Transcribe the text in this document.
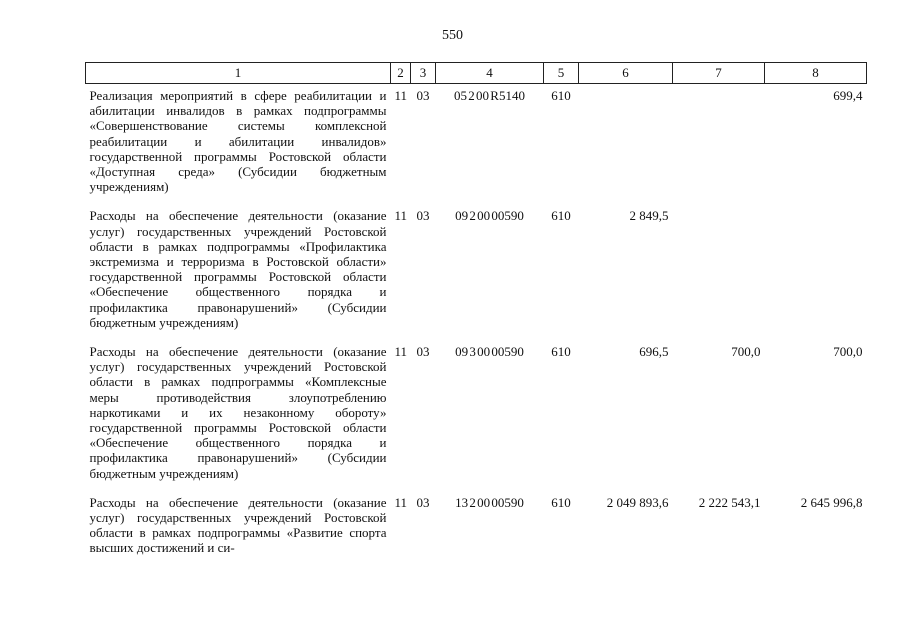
550
1	2	3	4	5	6	7	8
Реализация мероприятий в сфере реабилитации и абилитации инвалидов в рамках подпрограммы «Совершенствование системы комплексной реабилитации и абилитации инвалидов» государственной программы Ростовской области «Доступная среда» (Субсидии бюджетным учреждениям)	11	03	05 2 00 R5140	610			699,4
Расходы на обеспечение деятельности (оказание услуг) государственных учреждений Ростовской области в рамках подпрограммы «Профилактика экстремизма и терроризма в Ростовской области» государственной программы Ростовской области «Обеспечение общественного порядка и профилактика правонарушений» (Субсидии бюджетным учреждениям)	11	03	09 2 00 00590	610	2 849,5		
Расходы на обеспечение деятельности (оказание услуг) государственных учреждений Ростовской области в рамках подпрограммы «Комплексные меры противодействия злоупотреблению наркотиками и их незаконному обороту» государственной программы Ростовской области «Обеспечение общественного порядка и профилактика правонарушений» (Субсидии бюджетным учреждениям)	11	03	09 3 00 00590	610	696,5	700,0	700,0
Расходы на обеспечение деятельности (оказание услуг) государственных учреждений Ростовской области в рамках подпрограммы «Развитие спорта высших достижений и си-	11	03	13 2 00 00590	610	2 049 893,6	2 222 543,1	2 645 996,8
